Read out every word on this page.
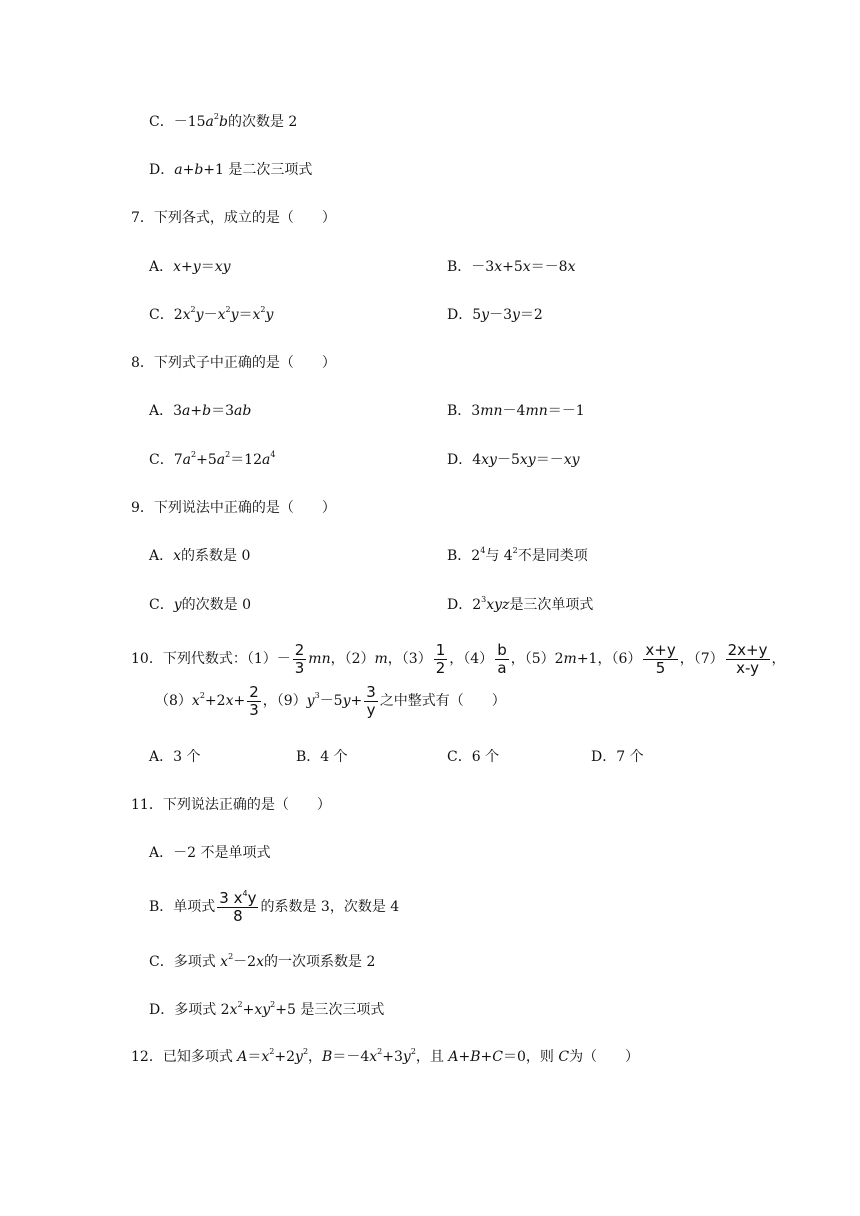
C．$-15a^2b$的次数是 2
D．a+b+1 是二次三项式
7．下列各式，成立的是（　　）
A．x+y＝xy	B．－3x+5x＝－8x
C．$2x^2y-x^2y=x^2y$	D．5y－3y＝2
8．下列式子中正确的是（　　）
A．3a+b＝3ab	B．3mn－4mn＝－1
C．$7a^2+5a^2=12a^4$	D．4xy－5xy＝－xy
9．下列说法中正确的是（　　）
A．x的系数是 0	B．$2^4$与 $4^2$不是同类项
C．y的次数是 0	D．$2^3xyz$是三次单项式
10．下列代数式：$(1)- \frac{2}{3}$ mn，（2）m，$(3) \frac{1}{2}$ ，$(4) \frac{b}{a}$ ，（5）2m+1，$(6) \frac{x+y}{5}$ ，$(7) \frac{2x+y}{x-y}$ ，
$(8)x^2+2x+ \frac{2}{3}$ ，$(9)y^3-5y+ \frac{3}{y}$ 之中整式有（　　）
A．3 个	B．4 个	C．6 个	D．7 个
11．下列说法正确的是（　　）
A．－2 不是单项式
B．单项式 $\frac{3 x^4y}{8}$ 的系数是 3，次数是 4
C．多项式 $x^2-2x$的一次项系数是 2
D．多项式 $2x^2+xy^2+5$ 是三次三项式
12．已知多项式 $A=x^2+2y^2$，$B=-4x^2+3y^2$，且 A+B+C＝0，则 C为（　　）
